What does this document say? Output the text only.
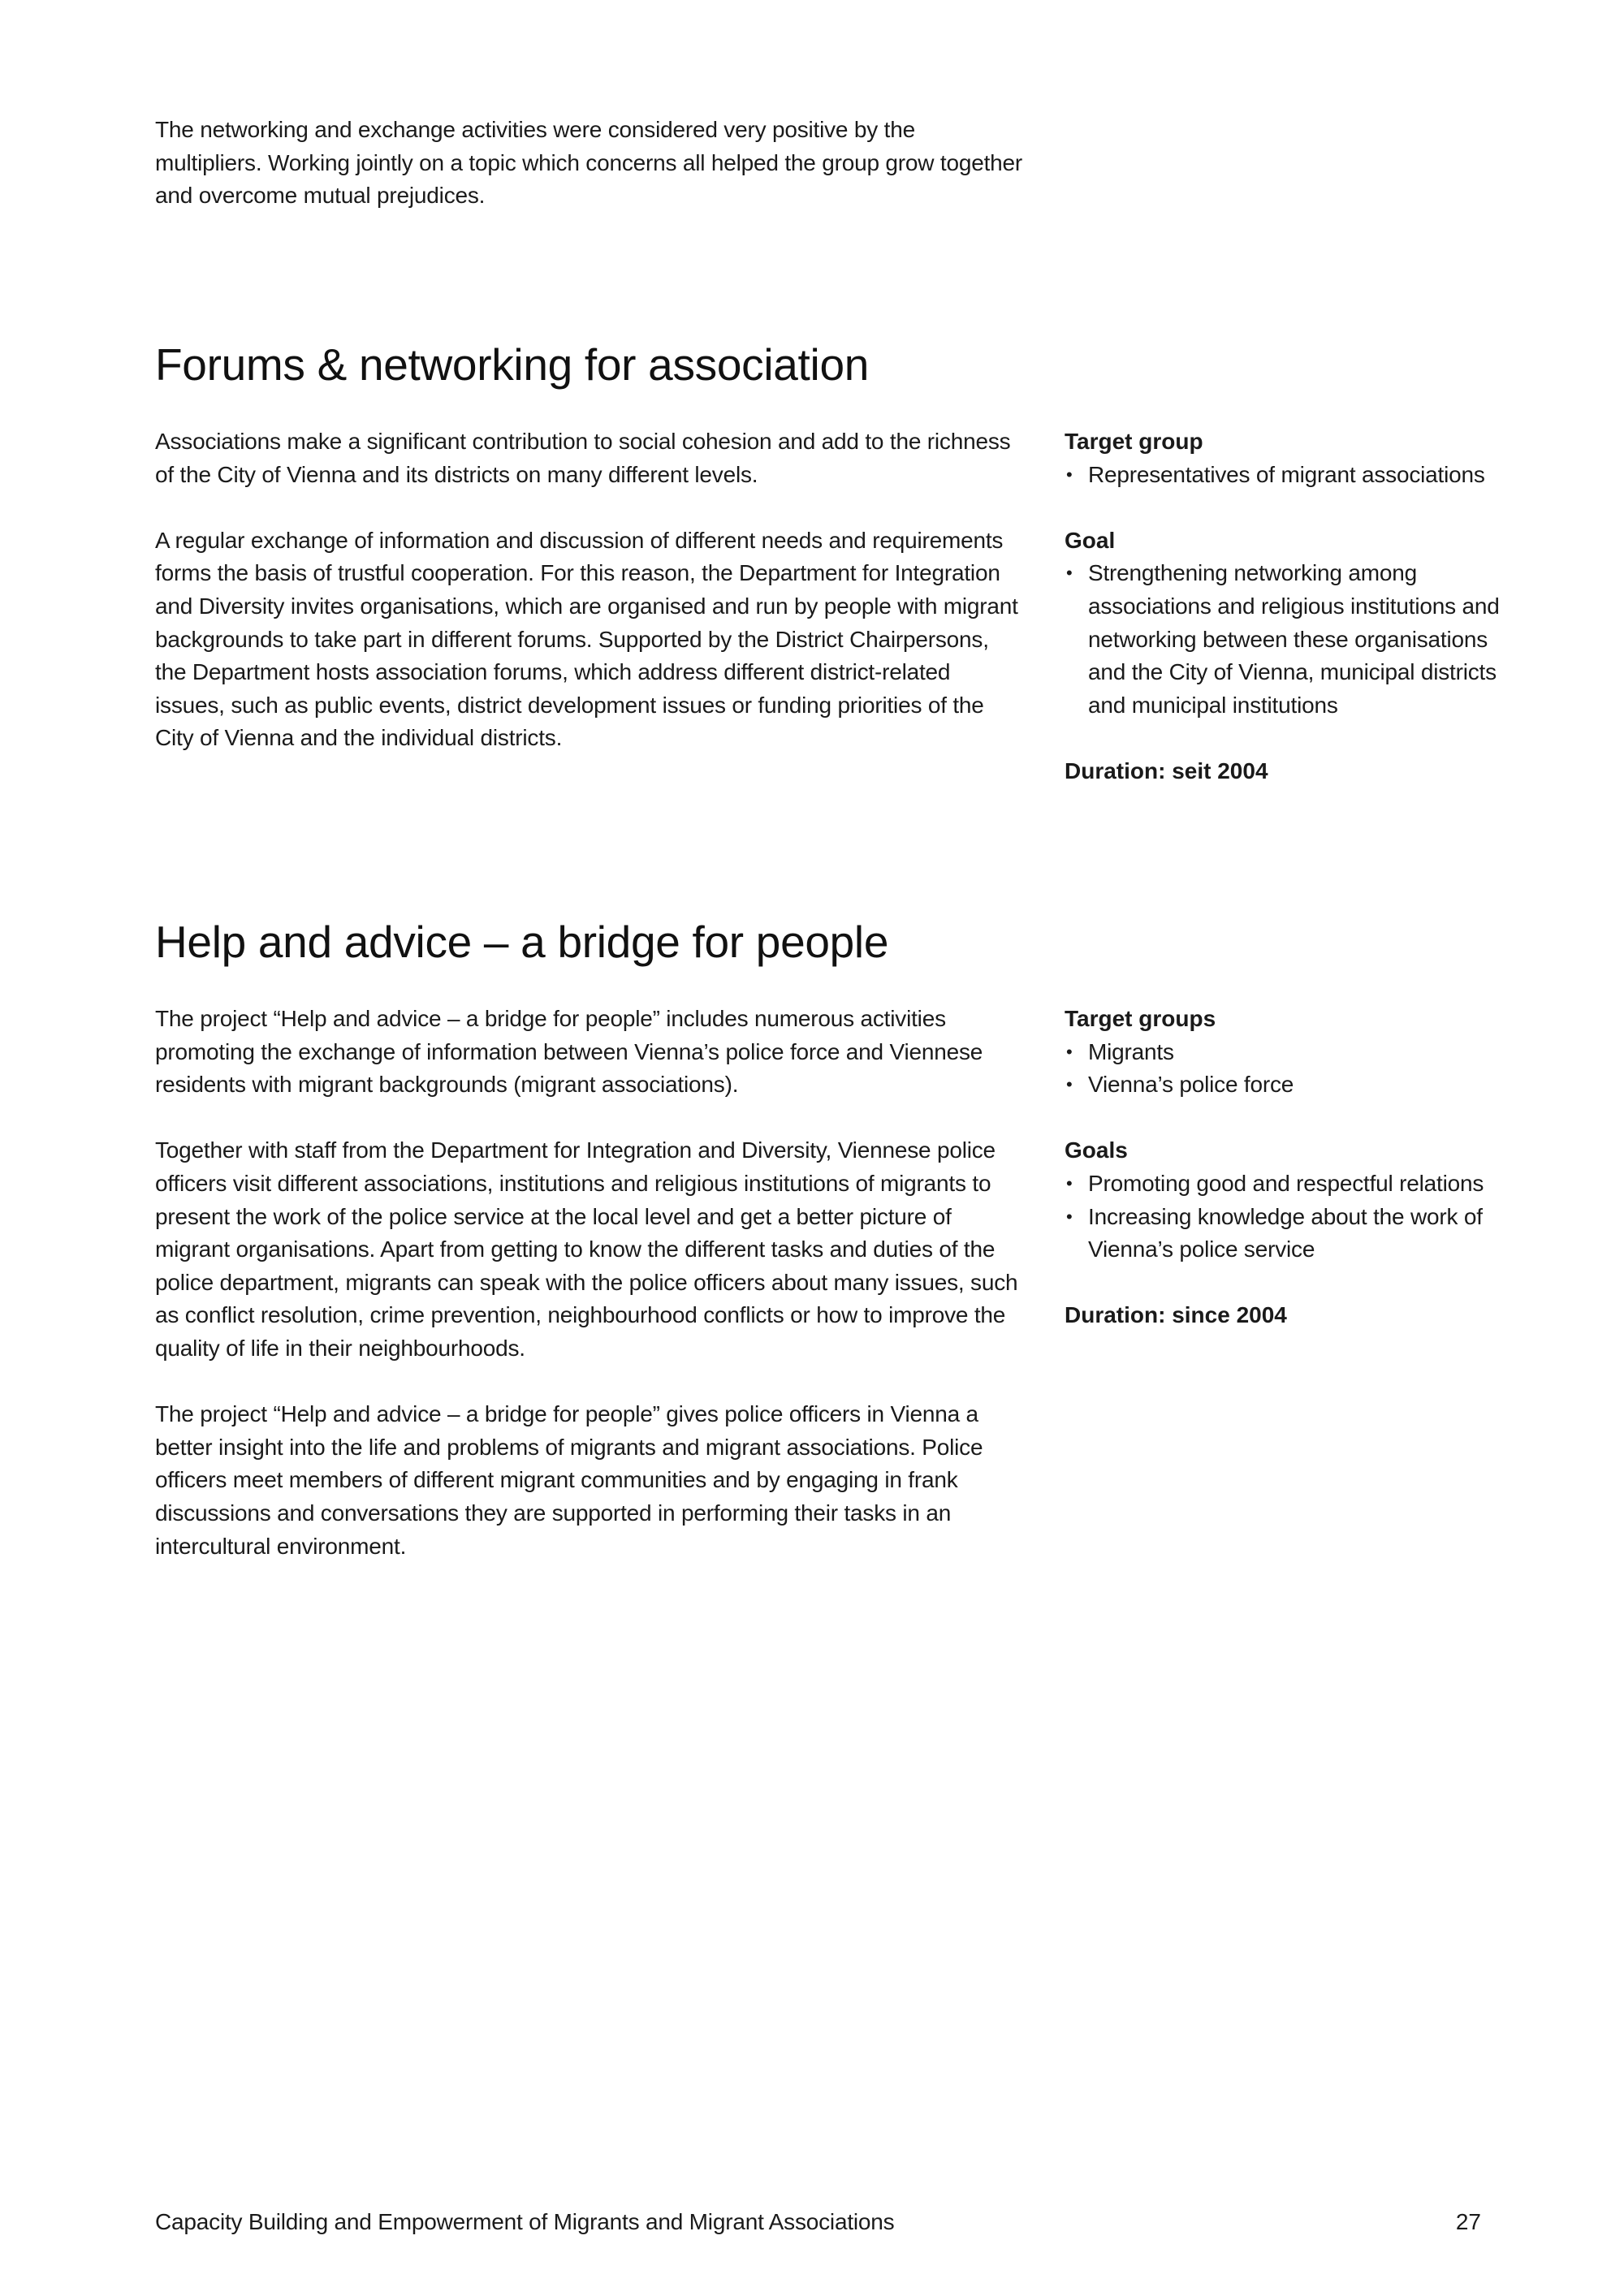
The networking and exchange activities were considered very positive by the multipliers. Working jointly on a topic which concerns all helped the group grow together and overcome mutual prejudices.

Forums & networking for association

Associations make a significant contribution to social cohesion and add to the richness of the City of Vienna and its districts on many different levels.

A regular exchange of information and discussion of different needs and requirements forms the basis of trustful cooperation. For this reason, the Department for Integration and Diversity invites organisations, which are organised and run by people with migrant backgrounds to take part in different forums. Supported by the District Chairpersons, the Department hosts association forums, which address different district-related issues, such as public events, district development issues or funding priorities of the City of Vienna and the individual districts.

Target group

• Representatives of migrant associations

Goal

• Strengthening networking among associations and religious institutions and networking between these organisations and the City of Vienna, municipal districts and municipal institutions

Duration: seit 2004

Help and advice – a bridge for people

The project “Help and advice – a bridge for people” includes numerous activities promoting the exchange of information between Vienna’s police force and Viennese residents with migrant backgrounds (migrant associations).

Together with staff from the Department for Integration and Diversity, Viennese police officers visit different associations, institutions and religious institutions of migrants to present the work of the police service at the local level and get a better picture of migrant organisations. Apart from getting to know the different tasks and duties of the police department, migrants can speak with the police officers about many issues, such as conflict resolution, crime prevention, neighbourhood conflicts or how to improve the quality of life in their neighbourhoods.

The project “Help and advice – a bridge for people” gives police officers in Vienna a better insight into the life and problems of migrants and migrant associations. Police officers meet members of different migrant communities and by engaging in frank discussions and conversations they are supported in performing their tasks in an intercultural environment.

Target groups

• Migrants
• Vienna’s police force

Goals

• Promoting good and respectful relations
• Increasing knowledge about the work of Vienna’s police service

Duration: since 2004

Capacity Building and Empowerment of Migrants and Migrant Associations	27
